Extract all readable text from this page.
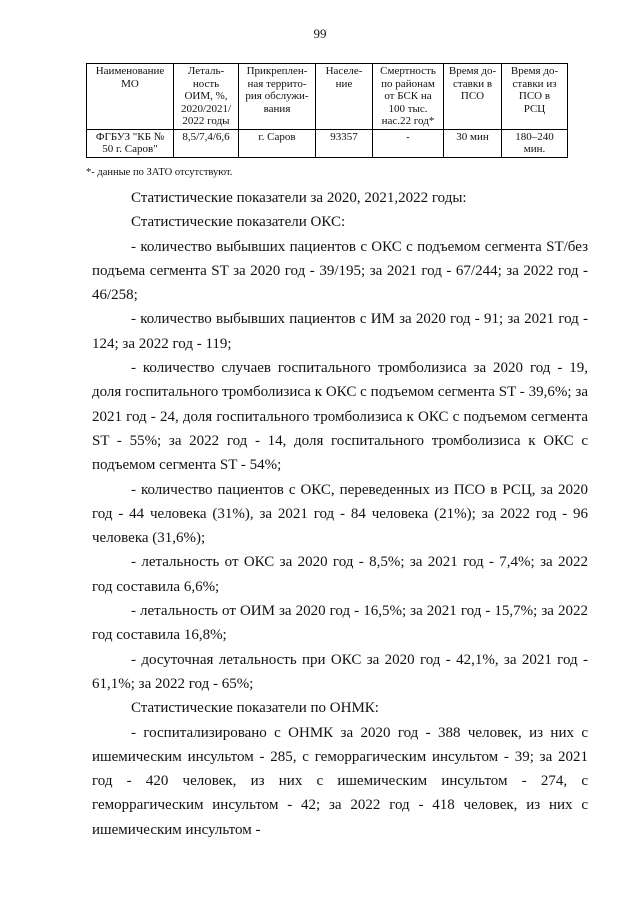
99
Наименование
МО	Леталь-
ность
ОИМ, %,
2020/2021/
2022 годы	Прикреплен-
ная террито-
рия обслужи-
вания	Населе-
ние	Смертность
по районам
от БСК на
100 тыс.
нас.22 год*	Время до-
ставки в
ПСО	Время до-
ставки из
ПСО в
РСЦ
ФГБУЗ "КБ №
50 г. Саров"	8,5/7,4/6,6	г. Саров	93357	-	30 мин	180–240
мин.
*- данные по ЗАТО отсутствуют.

Статистические показатели за 2020, 2021,2022 годы:

Статистические показатели ОКС:

- количество выбывших пациентов с ОКС с подъемом сегмента ST/без подъема сегмента ST за 2020 год - 39/195; за 2021 год - 67/244; за 2022 год - 46/258;

- количество выбывших пациентов с ИМ за 2020 год - 91; за 2021 год - 124; за 2022 год - 119;

- количество случаев госпитального тромболизиса за 2020 год - 19, доля госпитального тромболизиса к ОКС с подъемом сегмента ST - 39,6%; за 2021 год - 24, доля госпитального тромболизиса к ОКС с подъемом сегмента ST - 55%; за 2022 год - 14, доля госпитального тромболизиса к ОКС с подъемом сегмента ST - 54%;

- количество пациентов с ОКС, переведенных из ПСО в РСЦ, за 2020 год - 44 человека (31%), за 2021 год - 84 человека (21%); за 2022 год - 96 человека (31,6%);

- летальность от ОКС за 2020 год - 8,5%; за 2021 год - 7,4%; за 2022 год составила 6,6%;

- летальность от ОИМ за 2020 год - 16,5%; за 2021 год - 15,7%; за 2022 год составила 16,8%;

- досуточная летальность при ОКС за 2020 год - 42,1%, за 2021 год - 61,1%; за 2022 год - 65%;

Статистические показатели по ОНМК:

- госпитализировано с ОНМК за 2020 год - 388 человек, из них с ишемическим инсультом - 285, с геморрагическим инсультом - 39; за 2021 год - 420 человек, из них с ишемическим инсультом - 274, с геморрагическим инсультом - 42; за 2022 год - 418 человек, из них с ишемическим инсультом -
